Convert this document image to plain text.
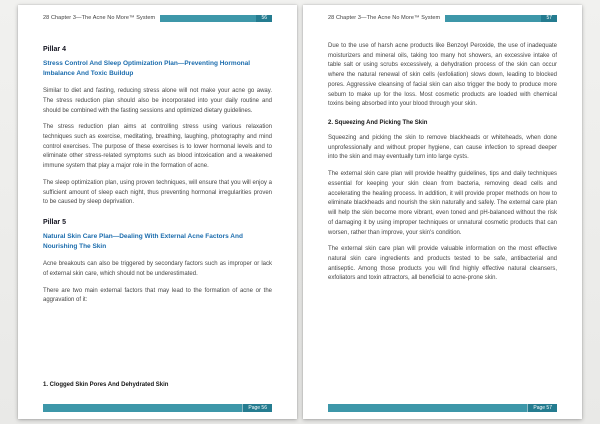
28 Chapter 3—The Acne No More™ System	56
Pillar 4
Stress Control And Sleep Optimization Plan—Preventing Hormonal Imbalance And Toxic Buildup

Similar to diet and fasting, reducing stress alone will not make your acne go away. The stress reduction plan should also be incorporated into your daily routine and should be combined with the fasting sessions and optimized dietary guidelines.

The stress reduction plan aims at controlling stress using various relaxation techniques such as exercise, meditating, breathing, laughing, photography and mind control exercises. The purpose of these exercises is to lower hormonal levels and to eliminate other stress-related symptoms such as blood intoxication and a weakened immune system that play a major role in the formation of acne.

The sleep optimization plan, using proven techniques, will ensure that you will enjoy a sufficient amount of sleep each night, thus preventing hormonal irregularities proven to be caused by sleep deprivation.

Pillar 5
Natural Skin Care Plan—Dealing With External Acne Factors And Nourishing The Skin

Acne breakouts can also be triggered by secondary factors such as improper or lack of external skin care, which should not be underestimated.

There are two main external factors that may lead to the formation of acne or the aggravation of it:

1. Clogged Skin Pores And Dehydrated Skin
Page 56
28 Chapter 3—The Acne No More™ System	57

Due to the use of harsh acne products like Benzoyl Peroxide, the use of inadequate moisturizers and mineral oils, taking too many hot showers, an excessive intake of table salt or using scrubs excessively, a dehydration process of the skin can occur where the natural renewal of skin cells (exfoliation) slows down, leading to blocked pores. Aggressive cleansing of facial skin can also trigger the body to produce more sebum to make up for the loss. Most cosmetic products are loaded with chemical toxins being absorbed into your blood through your skin.

2. Squeezing And Picking The Skin

Squeezing and picking the skin to remove blackheads or whiteheads, when done unprofessionally and without proper hygiene, can cause infection to spread deeper into the skin and may eventually turn into large cysts.

The external skin care plan will provide healthy guidelines, tips and daily techniques essential for keeping your skin clean from bacteria, removing dead cells and accelerating the healing process. In addition, it will provide proper methods on how to eliminate blackheads and nourish the skin naturally and safely. The external care plan will help the skin become more vibrant, even toned and pH-balanced without the risk of damaging it by using improper techniques or unnatural cosmetic products that can worsen, rather than improve, your skin's condition.

The external skin care plan will provide valuable information on the most effective natural skin care ingredients and products tested to be safe, antibacterial and antiseptic. Among those products you will find highly effective natural cleansers, exfoliators and toxin attractors, all beneficial to acne-prone skin.

Page 57
